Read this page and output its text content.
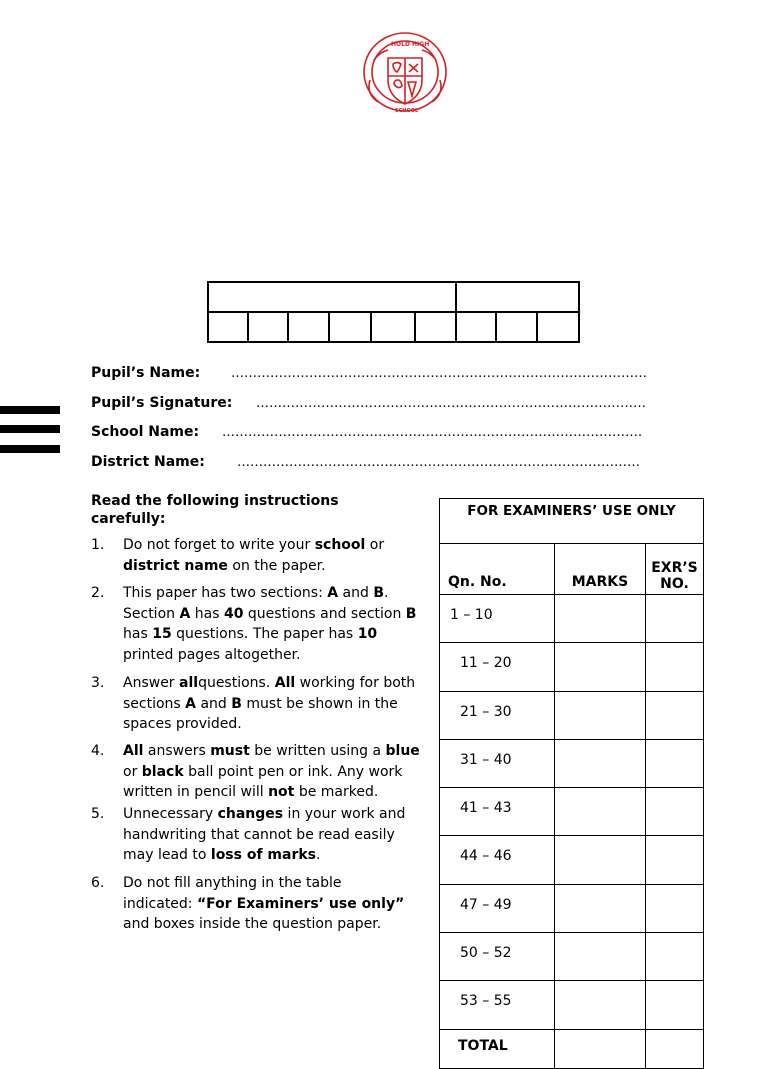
HOLD HIGH
SCHOOL
Pupil’s Name: ……………………………………………………………………………………
Pupil’s Signature: ………………………………………………………………………………
School Name: …………………………………………………………………………………….
District Name: …………………………………………………………………………………
Read the following instructions carefully:
1. Do not forget to write your school or district name on the paper.
2. This paper has two sections: A and B. Section A has 40 questions and section B has 15 questions. The paper has 10 printed pages altogether.
3. Answer allquestions. All working for both sections A and B must be shown in the spaces provided.
4. All answers must be written using a blue or black ball point pen or ink. Any work written in pencil will not be marked.
5. Unnecessary changes in your work and handwriting that cannot be read easily may lead to loss of marks.
6. Do not fill anything in the table indicated: “For Examiners’ use only” and boxes inside the question paper.
FOR EXAMINERS’ USE ONLY		
Qn. No.	MARKS	EXR’S NO.
1 – 10		
11 – 20		
21 – 30		
31 – 40		
41 – 43		
44 – 46		
47 – 49		
50 – 52		
53 – 55		
TOTAL		
